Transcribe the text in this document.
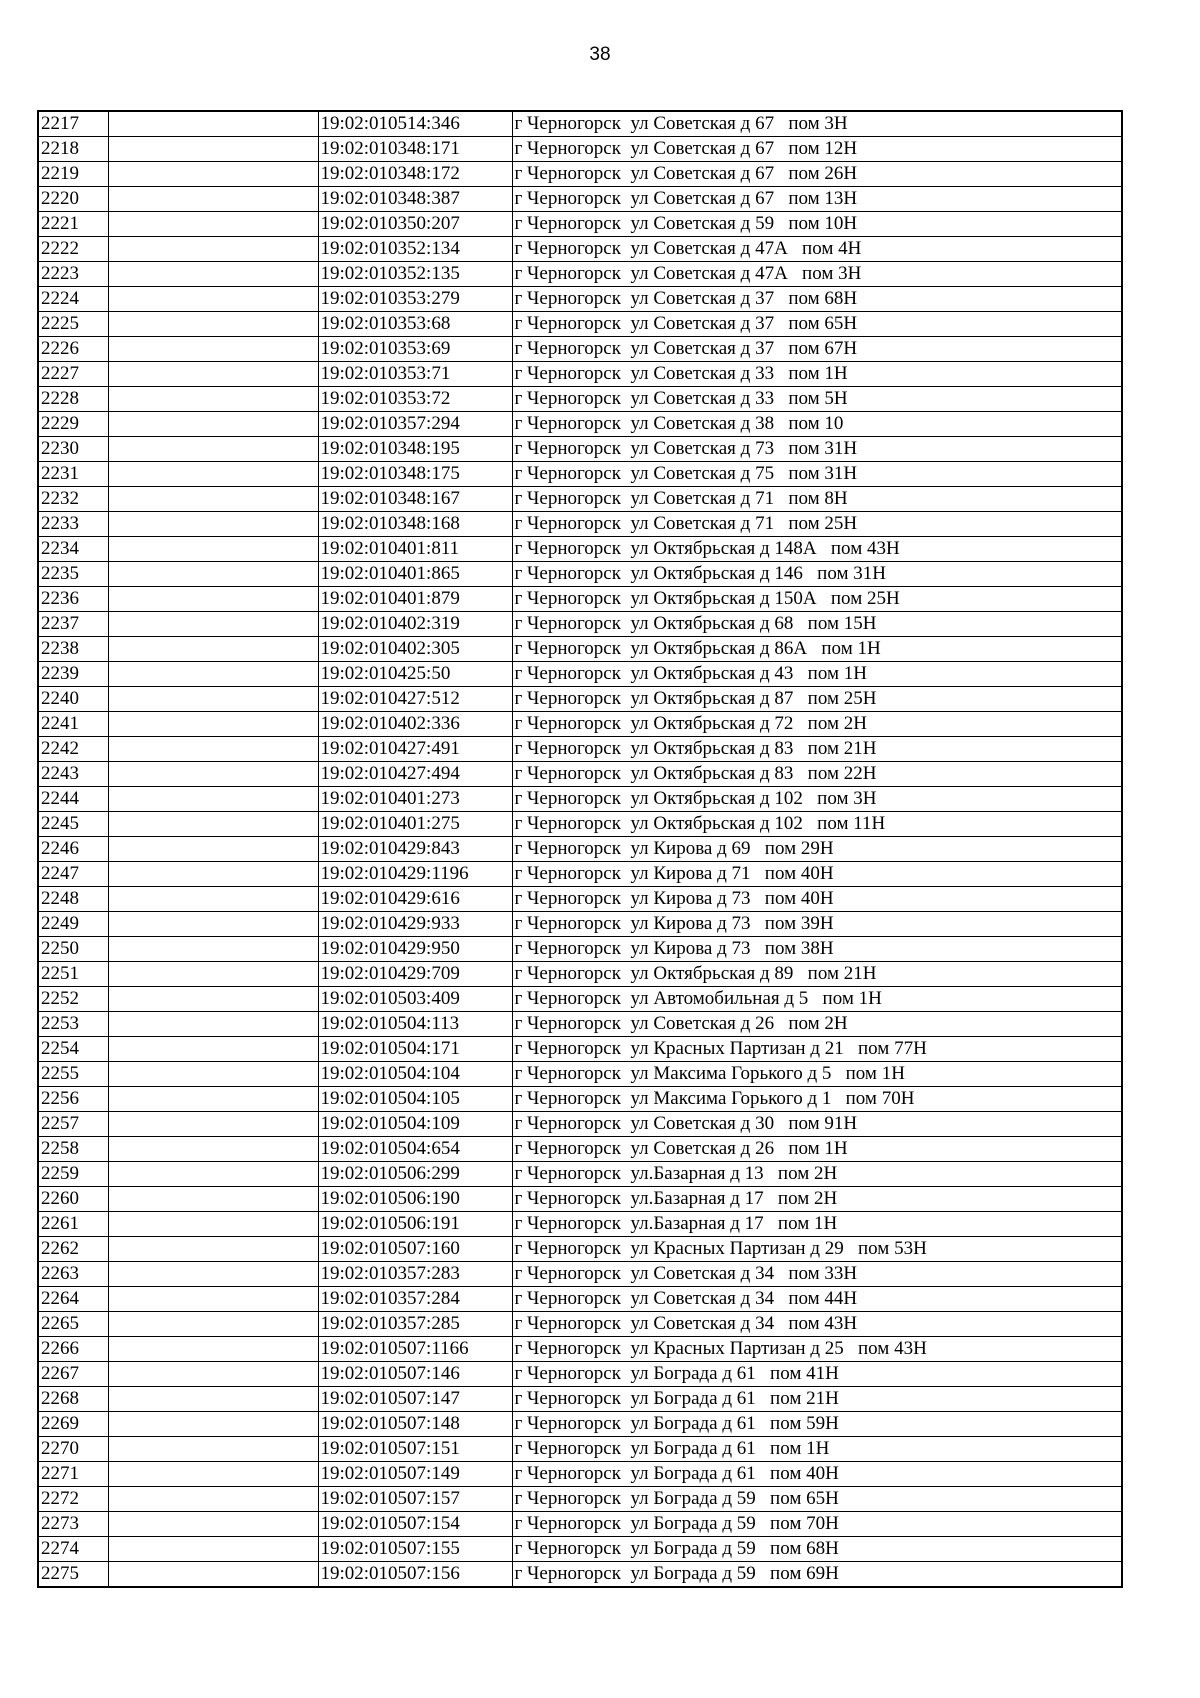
38
2217		19:02:010514:346	г Черногорск  ул Советская д 67   пом 3Н
2218		19:02:010348:171	г Черногорск  ул Советская д 67   пом 12Н
2219		19:02:010348:172	г Черногорск  ул Советская д 67   пом 26Н
2220		19:02:010348:387	г Черногорск  ул Советская д 67   пом 13Н
2221		19:02:010350:207	г Черногорск  ул Советская д 59   пом 10Н
2222		19:02:010352:134	г Черногорск  ул Советская д 47А   пом 4Н
2223		19:02:010352:135	г Черногорск  ул Советская д 47А   пом 3Н
2224		19:02:010353:279	г Черногорск  ул Советская д 37   пом 68Н
2225		19:02:010353:68	г Черногорск  ул Советская д 37   пом 65Н
2226		19:02:010353:69	г Черногорск  ул Советская д 37   пом 67Н
2227		19:02:010353:71	г Черногорск  ул Советская д 33   пом 1Н
2228		19:02:010353:72	г Черногорск  ул Советская д 33   пом 5Н
2229		19:02:010357:294	г Черногорск  ул Советская д 38   пом 10
2230		19:02:010348:195	г Черногорск  ул Советская д 73   пом 31Н
2231		19:02:010348:175	г Черногорск  ул Советская д 75   пом 31Н
2232		19:02:010348:167	г Черногорск  ул Советская д 71   пом 8Н
2233		19:02:010348:168	г Черногорск  ул Советская д 71   пом 25Н
2234		19:02:010401:811	г Черногорск  ул Октябрьская д 148А   пом 43Н
2235		19:02:010401:865	г Черногорск  ул Октябрьская д 146   пом 31Н
2236		19:02:010401:879	г Черногорск  ул Октябрьская д 150А   пом 25Н
2237		19:02:010402:319	г Черногорск  ул Октябрьская д 68   пом 15Н
2238		19:02:010402:305	г Черногорск  ул Октябрьская д 86А   пом 1Н
2239		19:02:010425:50	г Черногорск  ул Октябрьская д 43   пом 1Н
2240		19:02:010427:512	г Черногорск  ул Октябрьская д 87   пом 25Н
2241		19:02:010402:336	г Черногорск  ул Октябрьская д 72   пом 2Н
2242		19:02:010427:491	г Черногорск  ул Октябрьская д 83   пом 21Н
2243		19:02:010427:494	г Черногорск  ул Октябрьская д 83   пом 22Н
2244		19:02:010401:273	г Черногорск  ул Октябрьская д 102   пом 3Н
2245		19:02:010401:275	г Черногорск  ул Октябрьская д 102   пом 11Н
2246		19:02:010429:843	г Черногорск  ул Кирова д 69   пом 29Н
2247		19:02:010429:1196	г Черногорск  ул Кирова д 71   пом 40Н
2248		19:02:010429:616	г Черногорск  ул Кирова д 73   пом 40Н
2249		19:02:010429:933	г Черногорск  ул Кирова д 73   пом 39Н
2250		19:02:010429:950	г Черногорск  ул Кирова д 73   пом 38Н
2251		19:02:010429:709	г Черногорск  ул Октябрьская д 89   пом 21Н
2252		19:02:010503:409	г Черногорск  ул Автомобильная д 5   пом 1Н
2253		19:02:010504:113	г Черногорск  ул Советская д 26   пом 2Н
2254		19:02:010504:171	г Черногорск  ул Красных Партизан д 21   пом 77Н
2255		19:02:010504:104	г Черногорск  ул Максима Горького д 5   пом 1Н
2256		19:02:010504:105	г Черногорск  ул Максима Горького д 1   пом 70Н
2257		19:02:010504:109	г Черногорск  ул Советская д 30   пом 91Н
2258		19:02:010504:654	г Черногорск  ул Советская д 26   пом 1Н
2259		19:02:010506:299	г Черногорск  ул.Базарная д 13   пом 2Н
2260		19:02:010506:190	г Черногорск  ул.Базарная д 17   пом 2Н
2261		19:02:010506:191	г Черногорск  ул.Базарная д 17   пом 1Н
2262		19:02:010507:160	г Черногорск  ул Красных Партизан д 29   пом 53Н
2263		19:02:010357:283	г Черногорск  ул Советская д 34   пом 33Н
2264		19:02:010357:284	г Черногорск  ул Советская д 34   пом 44Н
2265		19:02:010357:285	г Черногорск  ул Советская д 34   пом 43Н
2266		19:02:010507:1166	г Черногорск  ул Красных Партизан д 25   пом 43Н
2267		19:02:010507:146	г Черногорск  ул Бограда д 61   пом 41Н
2268		19:02:010507:147	г Черногорск  ул Бограда д 61   пом 21Н
2269		19:02:010507:148	г Черногорск  ул Бограда д 61   пом 59Н
2270		19:02:010507:151	г Черногорск  ул Бограда д 61   пом 1Н
2271		19:02:010507:149	г Черногорск  ул Бограда д 61   пом 40Н
2272		19:02:010507:157	г Черногорск  ул Бограда д 59   пом 65Н
2273		19:02:010507:154	г Черногорск  ул Бограда д 59   пом 70Н
2274		19:02:010507:155	г Черногорск  ул Бограда д 59   пом 68Н
2275		19:02:010507:156	г Черногорск  ул Бограда д 59   пом 69Н
